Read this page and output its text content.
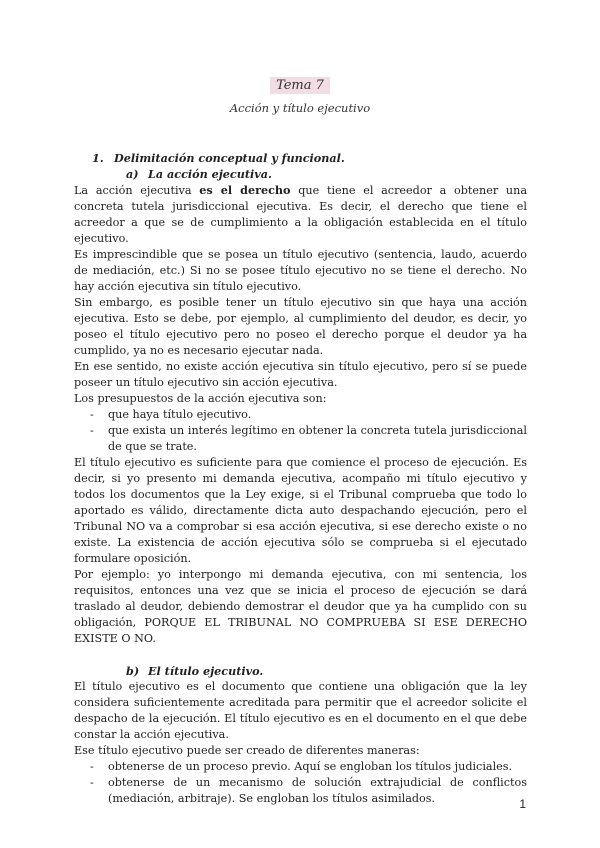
Tema 7
Acción y título ejecutivo
1. Delimitación conceptual y funcional.
a) La acción ejecutiva.

La acción ejecutiva es el derecho que tiene el acreedor a obtener una concreta tutela jurisdiccional ejecutiva. Es decir, el derecho que tiene el acreedor a que se de cumplimiento a la obligación establecida en el título ejecutivo.

Es imprescindible que se posea un título ejecutivo (sentencia, laudo, acuerdo de mediación, etc.) Si no se posee título ejecutivo no se tiene el derecho. No hay acción ejecutiva sin título ejecutivo.

Sin embargo, es posible tener un título ejecutivo sin que haya una acción ejecutiva. Esto se debe, por ejemplo, al cumplimiento del deudor, es decir, yo poseo el título ejecutivo pero no poseo el derecho porque el deudor ya ha cumplido, ya no es necesario ejecutar nada.

En ese sentido, no existe acción ejecutiva sin título ejecutivo, pero sí se puede poseer un título ejecutivo sin acción ejecutiva.

Los presupuestos de la acción ejecutiva son:

- que haya título ejecutivo.
- que exista un interés legítimo en obtener la concreta tutela jurisdiccional de que se trate.

El título ejecutivo es suficiente para que comience el proceso de ejecución. Es decir, si yo presento mi demanda ejecutiva, acompaño mi título ejecutivo y todos los documentos que la Ley exige, si el Tribunal comprueba que todo lo aportado es válido, directamente dicta auto despachando ejecución, pero el Tribunal NO va a comprobar si esa acción ejecutiva, si ese derecho existe o no existe. La existencia de acción ejecutiva sólo se comprueba si el ejecutado formulare oposición.

Por ejemplo: yo interpongo mi demanda ejecutiva, con mi sentencia, los requisitos, entonces una vez que se inicia el proceso de ejecución se dará traslado al deudor, debiendo demostrar el deudor que ya ha cumplido con su obligación, PORQUE EL TRIBUNAL NO COMPRUEBA SI ESE DERECHO EXISTE O NO.

b) El título ejecutivo.

El título ejecutivo es el documento que contiene una obligación que la ley considera suficientemente acreditada para permitir que el acreedor solicite el despacho de la ejecución. El título ejecutivo es en el documento en el que debe constar la acción ejecutiva.

Ese título ejecutivo puede ser creado de diferentes maneras:

- obtenerse de un proceso previo. Aquí se engloban los títulos judiciales.
- obtenerse de un mecanismo de solución extrajudicial de conflictos (mediación, arbitraje). Se engloban los títulos asimilados.	1
